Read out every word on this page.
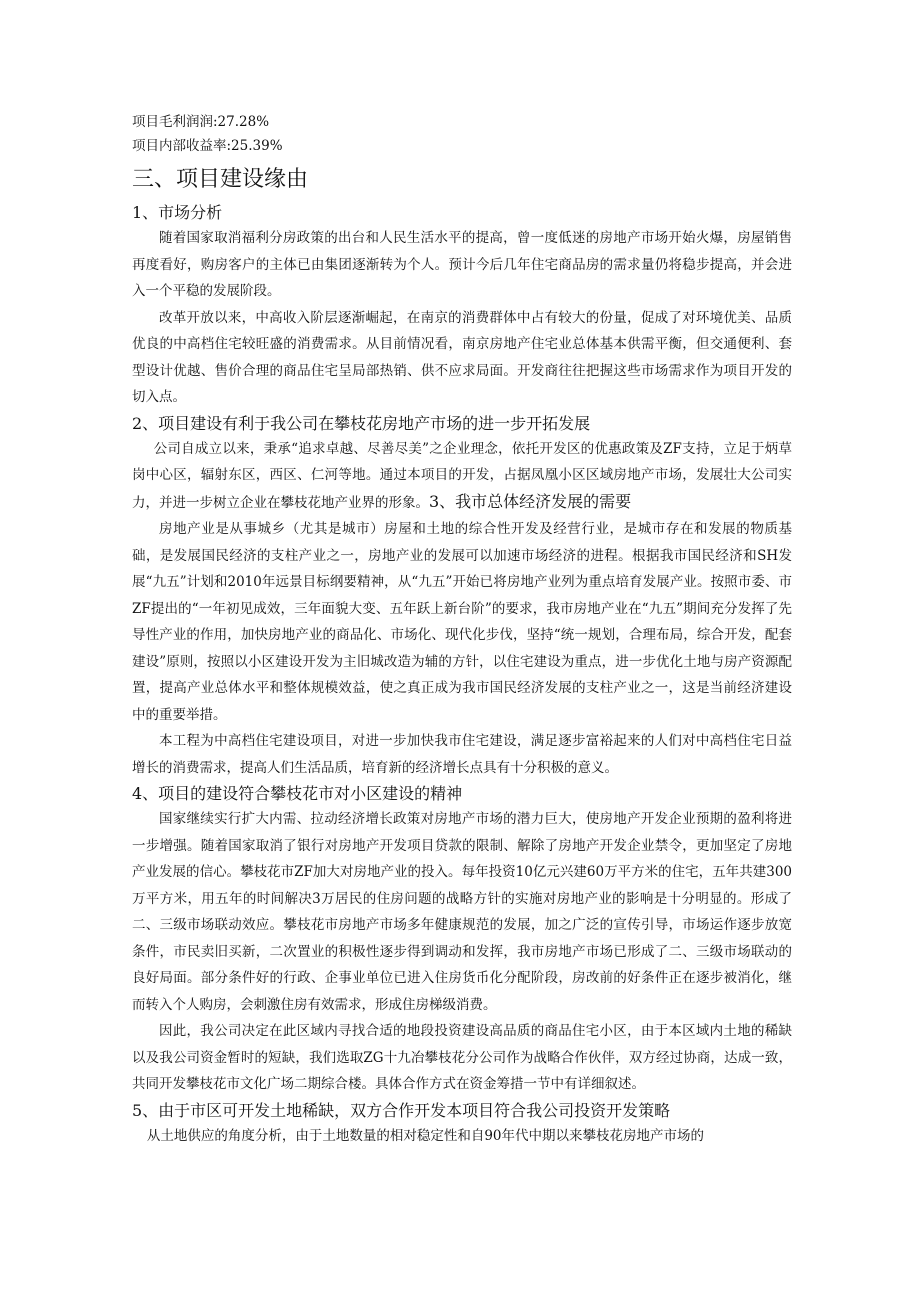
项目毛利润润:27.28%
项目内部收益率:25.39%
三、项目建设缘由
1、市场分析

随着国家取消福利分房政策的出台和人民生活水平的提高，曾一度低迷的房地产市场开始火爆，房屋销售再度看好，购房客户的主体已由集团逐渐转为个人。预计今后几年住宅商品房的需求量仍将稳步提高，并会进入一个平稳的发展阶段。

改革开放以来，中高收入阶层逐渐崛起，在南京的消费群体中占有较大的份量，促成了对环境优美、品质优良的中高档住宅较旺盛的消费需求。从目前情况看，南京房地产住宅业总体基本供需平衡，但交通便利、套型设计优越、售价合理的商品住宅呈局部热销、供不应求局面。开发商往往把握这些市场需求作为项目开发的切入点。

2、项目建设有利于我公司在攀枝花房地产市场的进一步开拓发展

公司自成立以来，秉承“追求卓越、尽善尽美”之企业理念，依托开发区的优惠政策及ZF支持，立足于炳草岗中心区，辐射东区，西区、仁河等地。通过本项目的开发，占据凤凰小区区域房地产市场，发展壮大公司实力，并进一步树立企业在攀枝花地产业界的形象。3、我市总体经济发展的需要

房地产业是从事城乡（尤其是城市）房屋和土地的综合性开发及经营行业，是城市存在和发展的物质基础，是发展国民经济的支柱产业之一，房地产业的发展可以加速市场经济的进程。根据我市国民经济和SH发展“九五”计划和2010年远景目标纲要精神，从“九五”开始已将房地产业列为重点培育发展产业。按照市委、市ZF提出的“一年初见成效，三年面貌大变、五年跃上新台阶”的要求，我市房地产业在“九五”期间充分发挥了先导性产业的作用，加快房地产业的商品化、市场化、现代化步伐，坚持“统一规划，合理布局，综合开发，配套建设”原则，按照以小区建设开发为主旧城改造为辅的方针，以住宅建设为重点，进一步优化土地与房产资源配置，提高产业总体水平和整体规模效益，使之真正成为我市国民经济发展的支柱产业之一，这是当前经济建设中的重要举措。

本工程为中高档住宅建设项目，对进一步加快我市住宅建设，满足逐步富裕起来的人们对中高档住宅日益增长的消费需求，提高人们生活品质，培育新的经济增长点具有十分积极的意义。

4、项目的建设符合攀枝花市对小区建设的精神

国家继续实行扩大内需、拉动经济增长政策对房地产市场的潜力巨大，使房地产开发企业预期的盈利将进一步增强。随着国家取消了银行对房地产开发项目贷款的限制、解除了房地产开发企业禁令，更加坚定了房地产业发展的信心。攀枝花市ZF加大对房地产业的投入。每年投资10亿元兴建60万平方米的住宅，五年共建300万平方米，用五年的时间解决3万居民的住房问题的战略方针的实施对房地产业的影响是十分明显的。形成了二、三级市场联动效应。攀枝花市房地产市场多年健康规范的发展，加之广泛的宣传引导，市场运作逐步放宽条件，市民卖旧买新，二次置业的积极性逐步得到调动和发挥，我市房地产市场已形成了二、三级市场联动的良好局面。部分条件好的行政、企事业单位已进入住房货币化分配阶段，房改前的好条件正在逐步被消化，继而转入个人购房，会刺激住房有效需求，形成住房梯级消费。

因此，我公司决定在此区域内寻找合适的地段投资建设高品质的商品住宅小区，由于本区域内土地的稀缺以及我公司资金暂时的短缺，我们选取ZG十九冶攀枝花分公司作为战略合作伙伴，双方经过协商，达成一致，共同开发攀枝花市文化广场二期综合楼。具体合作方式在资金筹措一节中有详细叙述。

5、由于市区可开发土地稀缺，双方合作开发本项目符合我公司投资开发策略

从土地供应的角度分析，由于土地数量的相对稳定性和自90年代中期以来攀枝花房地产市场的
